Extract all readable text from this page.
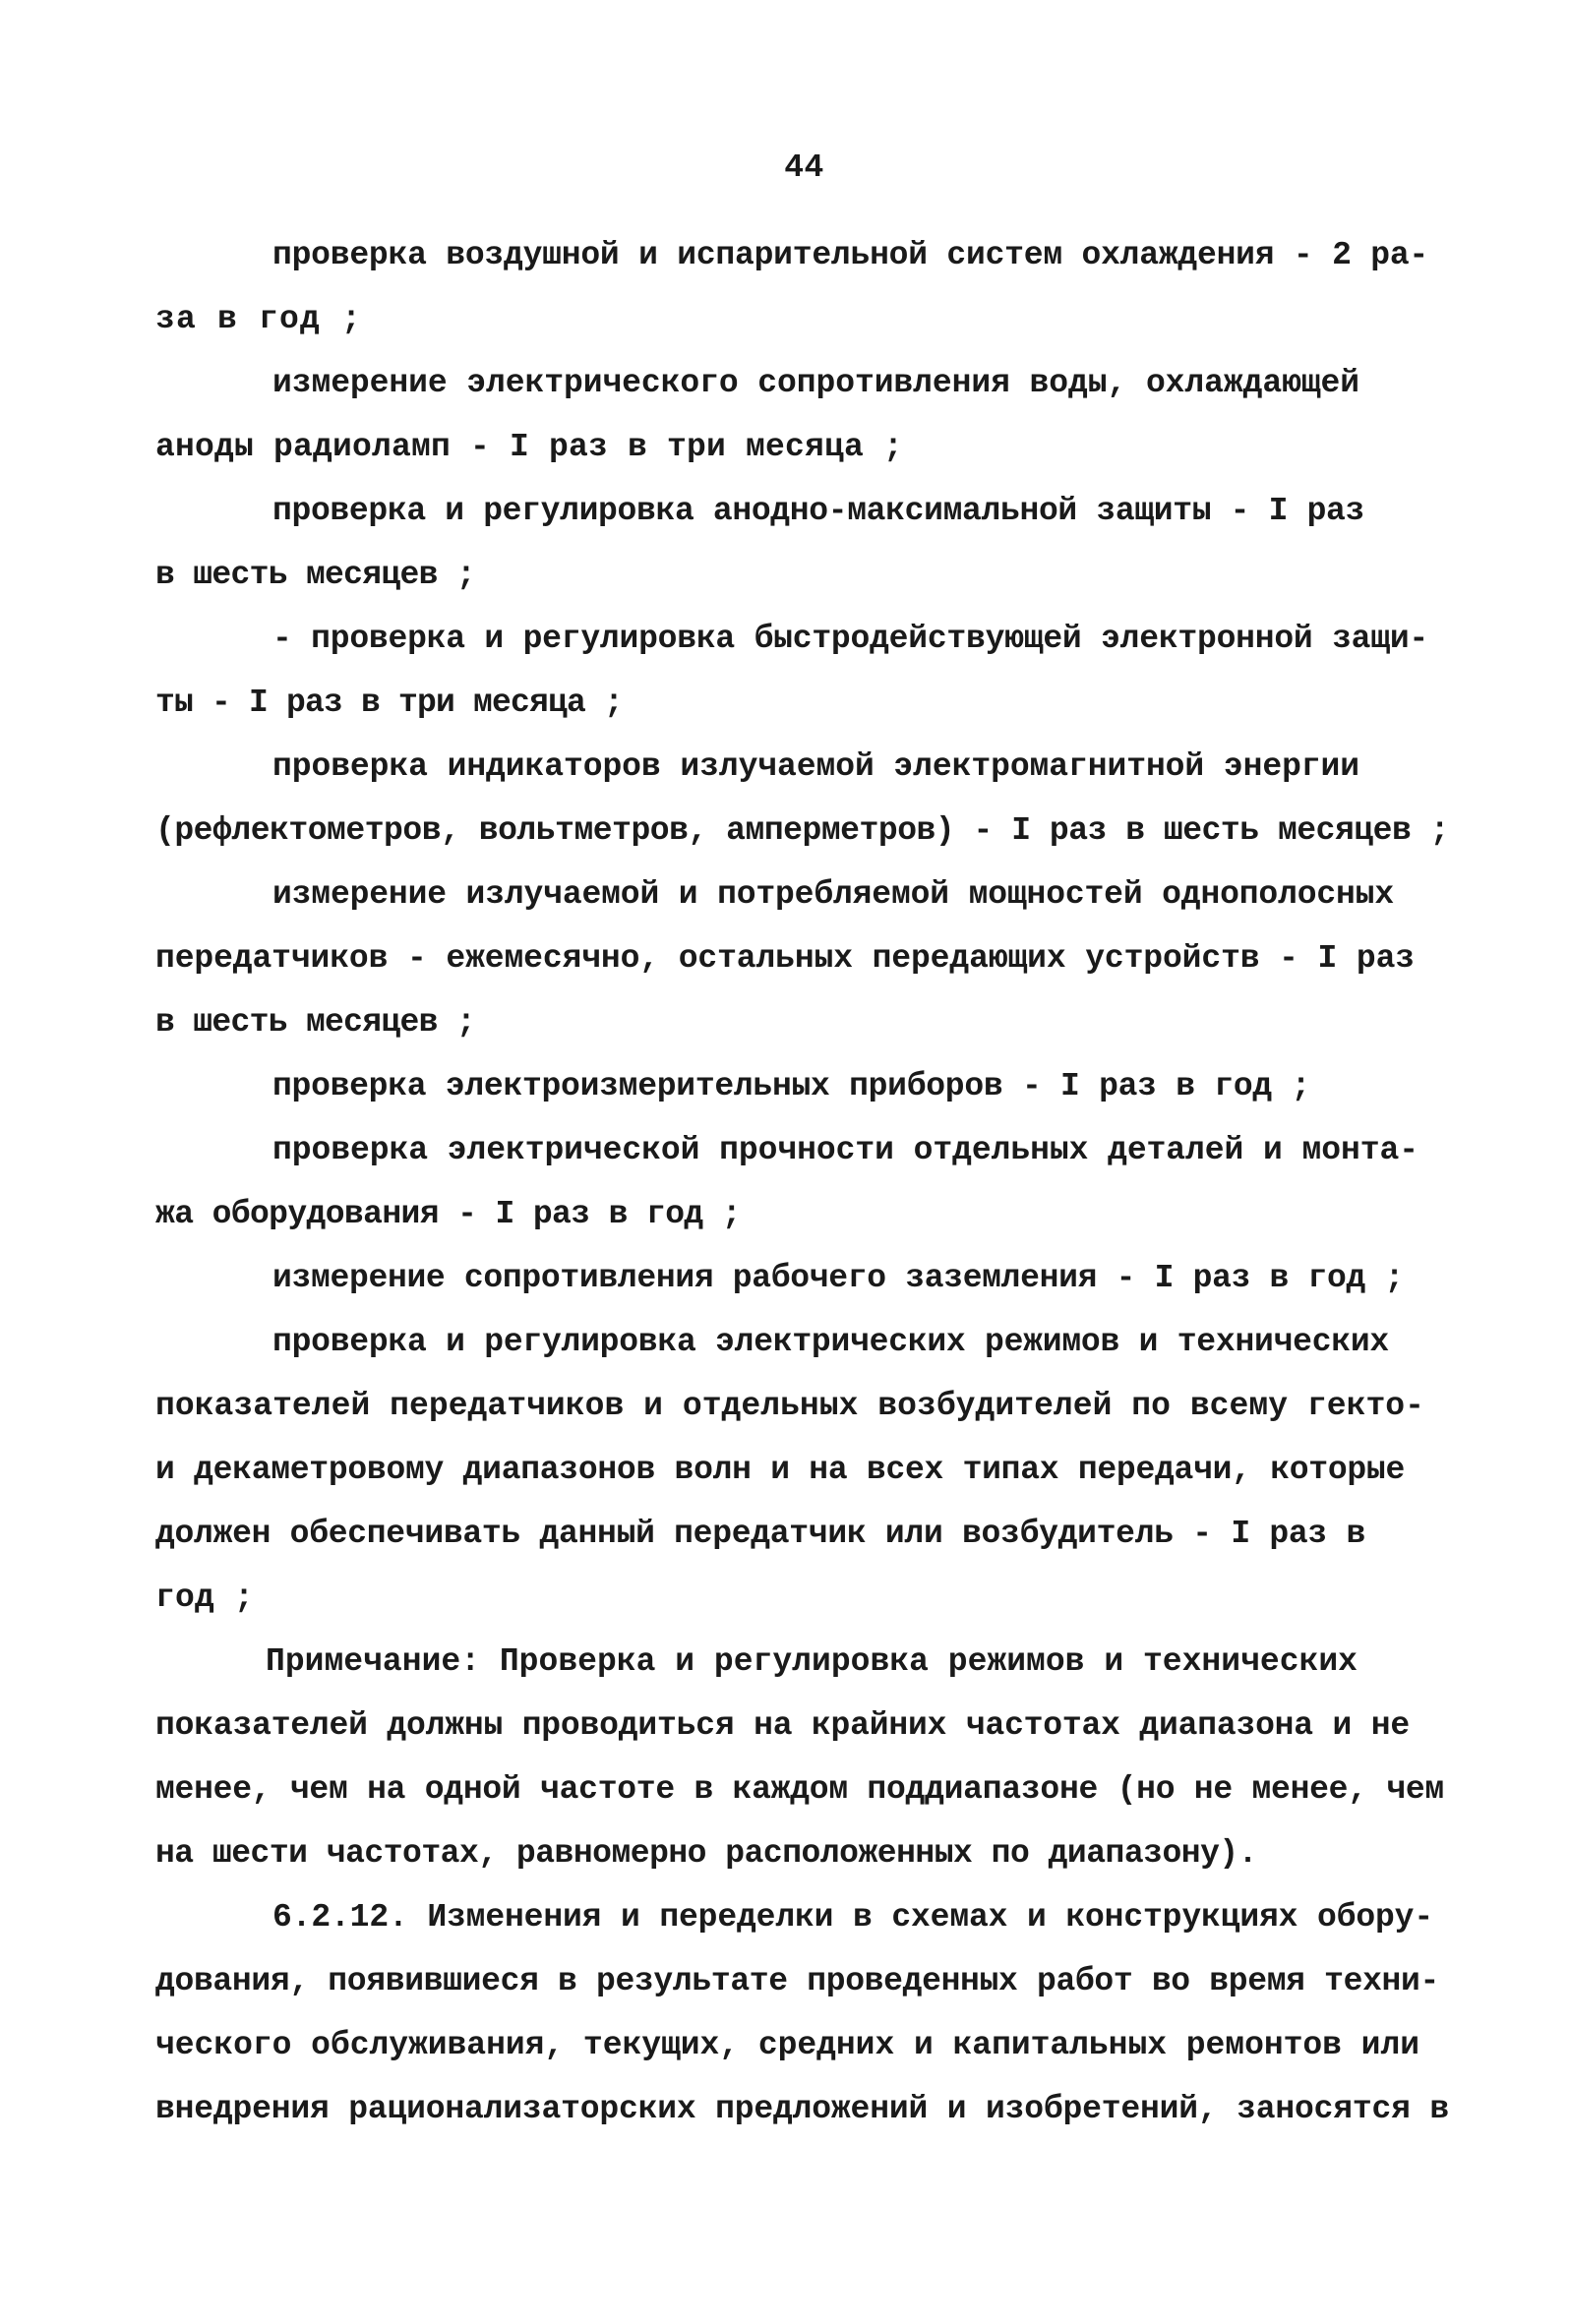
44
проверка воздушной и испарительной систем охлаждения - 2 ра-
за в год ;
измерение электрического сопротивления воды, охлаждающей
аноды радиоламп - I раз в три месяца ;
проверка и регулировка анодно-максимальной защиты - I раз
в шесть месяцев ;
- проверка и регулировка быстродействующей электронной защи-
ты - I раз в три месяца ;
проверка индикаторов излучаемой электромагнитной энергии
(рефлектометров, вольтметров, амперметров) - I раз в шесть месяцев ;
измерение излучаемой и потребляемой мощностей однополосных
передатчиков - ежемесячно, остальных передающих устройств - I раз
в шесть месяцев ;
проверка электроизмерительных приборов - I раз в год ;
проверка электрической прочности отдельных деталей и монта-
жа оборудования - I раз в год ;
измерение сопротивления рабочего заземления - I раз в год ;
проверка и регулировка электрических режимов и технических
показателей передатчиков и отдельных возбудителей по всему гекто-
и декаметровому диапазонов волн и на всех типах передачи, которые
должен обеспечивать данный передатчик или возбудитель - I раз в
год ;
Примечание: Проверка и регулировка режимов и технических
показателей должны проводиться на крайних частотах диапазона и не
менее, чем на одной частоте в каждом поддиапазоне (но не менее, чем
на шести частотах, равномерно расположенных по диапазону).
6.2.12. Изменения и переделки в схемах и конструкциях обору-
дования, появившиеся в результате проведенных работ во время техни-
ческого обслуживания, текущих, средних и капитальных ремонтов или
внедрения рационализаторских предложений и изобретений, заносятся в
